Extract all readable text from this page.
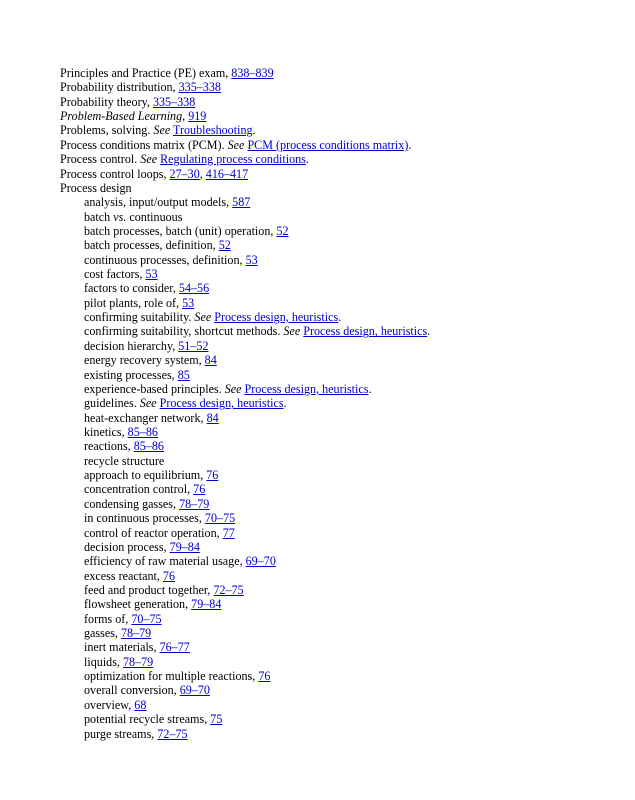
Principles and Practice (PE) exam, 838–839
Probability distribution, 335–338
Probability theory, 335–338
Problem-Based Learning, 919
Problems, solving. See Troubleshooting.
Process conditions matrix (PCM). See PCM (process conditions matrix).
Process control. See Regulating process conditions.
Process control loops, 27–30, 416–417
Process design
analysis, input/output models, 587
batch vs. continuous
batch processes, batch (unit) operation, 52
batch processes, definition, 52
continuous processes, definition, 53
cost factors, 53
factors to consider, 54–56
pilot plants, role of, 53
confirming suitability. See Process design, heuristics.
confirming suitability, shortcut methods. See Process design, heuristics.
decision hierarchy, 51–52
energy recovery system, 84
existing processes, 85
experience-based principles. See Process design, heuristics.
guidelines. See Process design, heuristics.
heat-exchanger network, 84
kinetics, 85–86
reactions, 85–86
recycle structure
approach to equilibrium, 76
concentration control, 76
condensing gasses, 78–79
in continuous processes, 70–75
control of reactor operation, 77
decision process, 79–84
efficiency of raw material usage, 69–70
excess reactant, 76
feed and product together, 72–75
flowsheet generation, 79–84
forms of, 70–75
gasses, 78–79
inert materials, 76–77
liquids, 78–79
optimization for multiple reactions, 76
overall conversion, 69–70
overview, 68
potential recycle streams, 75
purge streams, 72–75
